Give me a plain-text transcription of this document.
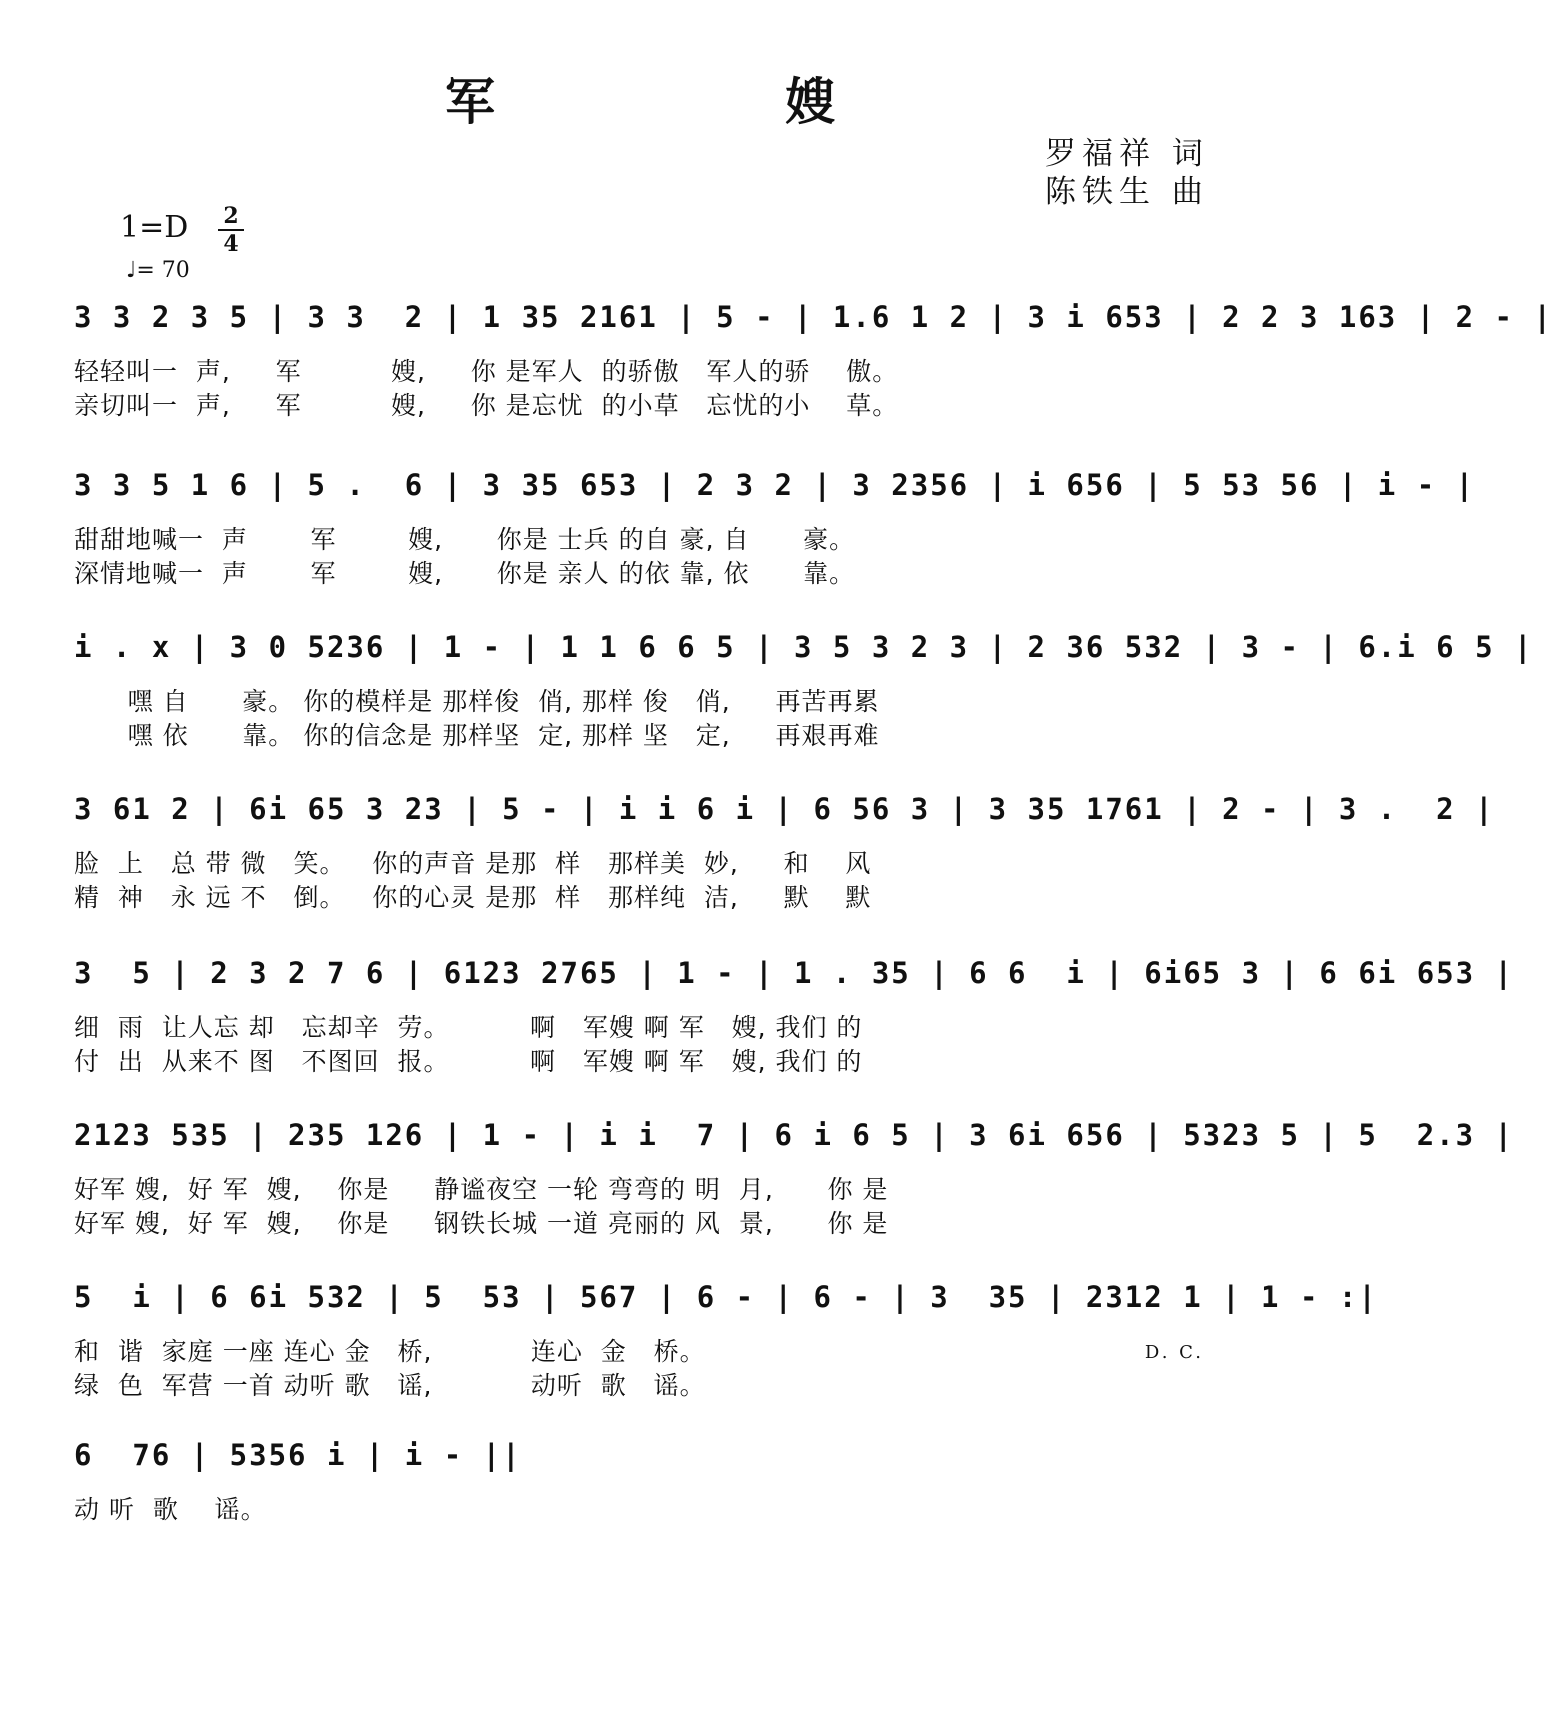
军　嫂
罗福祥 词
陈铁生 曲
1=D 2
4
♩= 70
3 3 2 3 5 | 3 3  2 | 1 35 2161 | 5 - | 1.6 1 2 | 3 i 653 | 2 2 3 163 | 2 - |
轻轻叫一  声,     军          嫂,     你 是军人  的骄傲   军人的骄    傲。
亲切叫一  声,     军          嫂,     你 是忘忧  的小草   忘忧的小    草。
3 3 5 1 6 | 5 .  6 | 3 35 653 | 2 3 2 | 3 2356 | i 656 | 5 53 56 | i - |
甜甜地喊一  声       军        嫂,      你是 士兵 的自 豪, 自      豪。
深情地喊一  声       军        嫂,      你是 亲人 的依 靠, 依      靠。
i . x | 3 0 5236 | 1 - | 1 1 6 6 5 | 3 5 3 2 3 | 2 36 532 | 3 - | 6.i 6 5 |
嘿 自      豪。 你的模样是 那样俊  俏, 那样 俊   俏,     再苦再累
嘿 依      靠。 你的信念是 那样坚  定, 那样 坚   定,     再艰再难
3 61 2 | 6i 65 3 23 | 5 - | i i 6 i | 6 56 3 | 3 35 1761 | 2 - | 3 .  2 |
脸  上   总 带 微   笑。   你的声音 是那  样   那样美  妙,     和    风
精  神   永 远 不   倒。   你的心灵 是那  样   那样纯  洁,     默    默
3  5 | 2 3 2 7 6 | 6123 2765 | 1 - | 1 . 35 | 6 6  i | 6i65 3 | 6 6i 653 |
细  雨  让人忘 却   忘却辛  劳。         啊   军嫂 啊 军   嫂, 我们 的
付  出  从来不 图   不图回  报。         啊   军嫂 啊 军   嫂, 我们 的
2123 535 | 235 126 | 1 - | i i  7 | 6 i 6 5 | 3 6i 656 | 5323 5 | 5  2.3 |
好军 嫂,  好 军  嫂,    你是     静谧夜空 一轮 弯弯的 明  月,      你 是
好军 嫂,  好 军  嫂,    你是     钢铁长城 一道 亮丽的 风  景,      你 是
5  i | 6 6i 532 | 5  53 | 567 | 6 - | 6 - | 3  35 | 2312 1 | 1 - :|
和  谐  家庭 一座 连心 金   桥,           连心  金   桥。
绿  色  军营 一首 动听 歌   谣,           动听  歌   谣。
D. C.
6  76 | 5356 i | i - ||
动 听  歌    谣。
